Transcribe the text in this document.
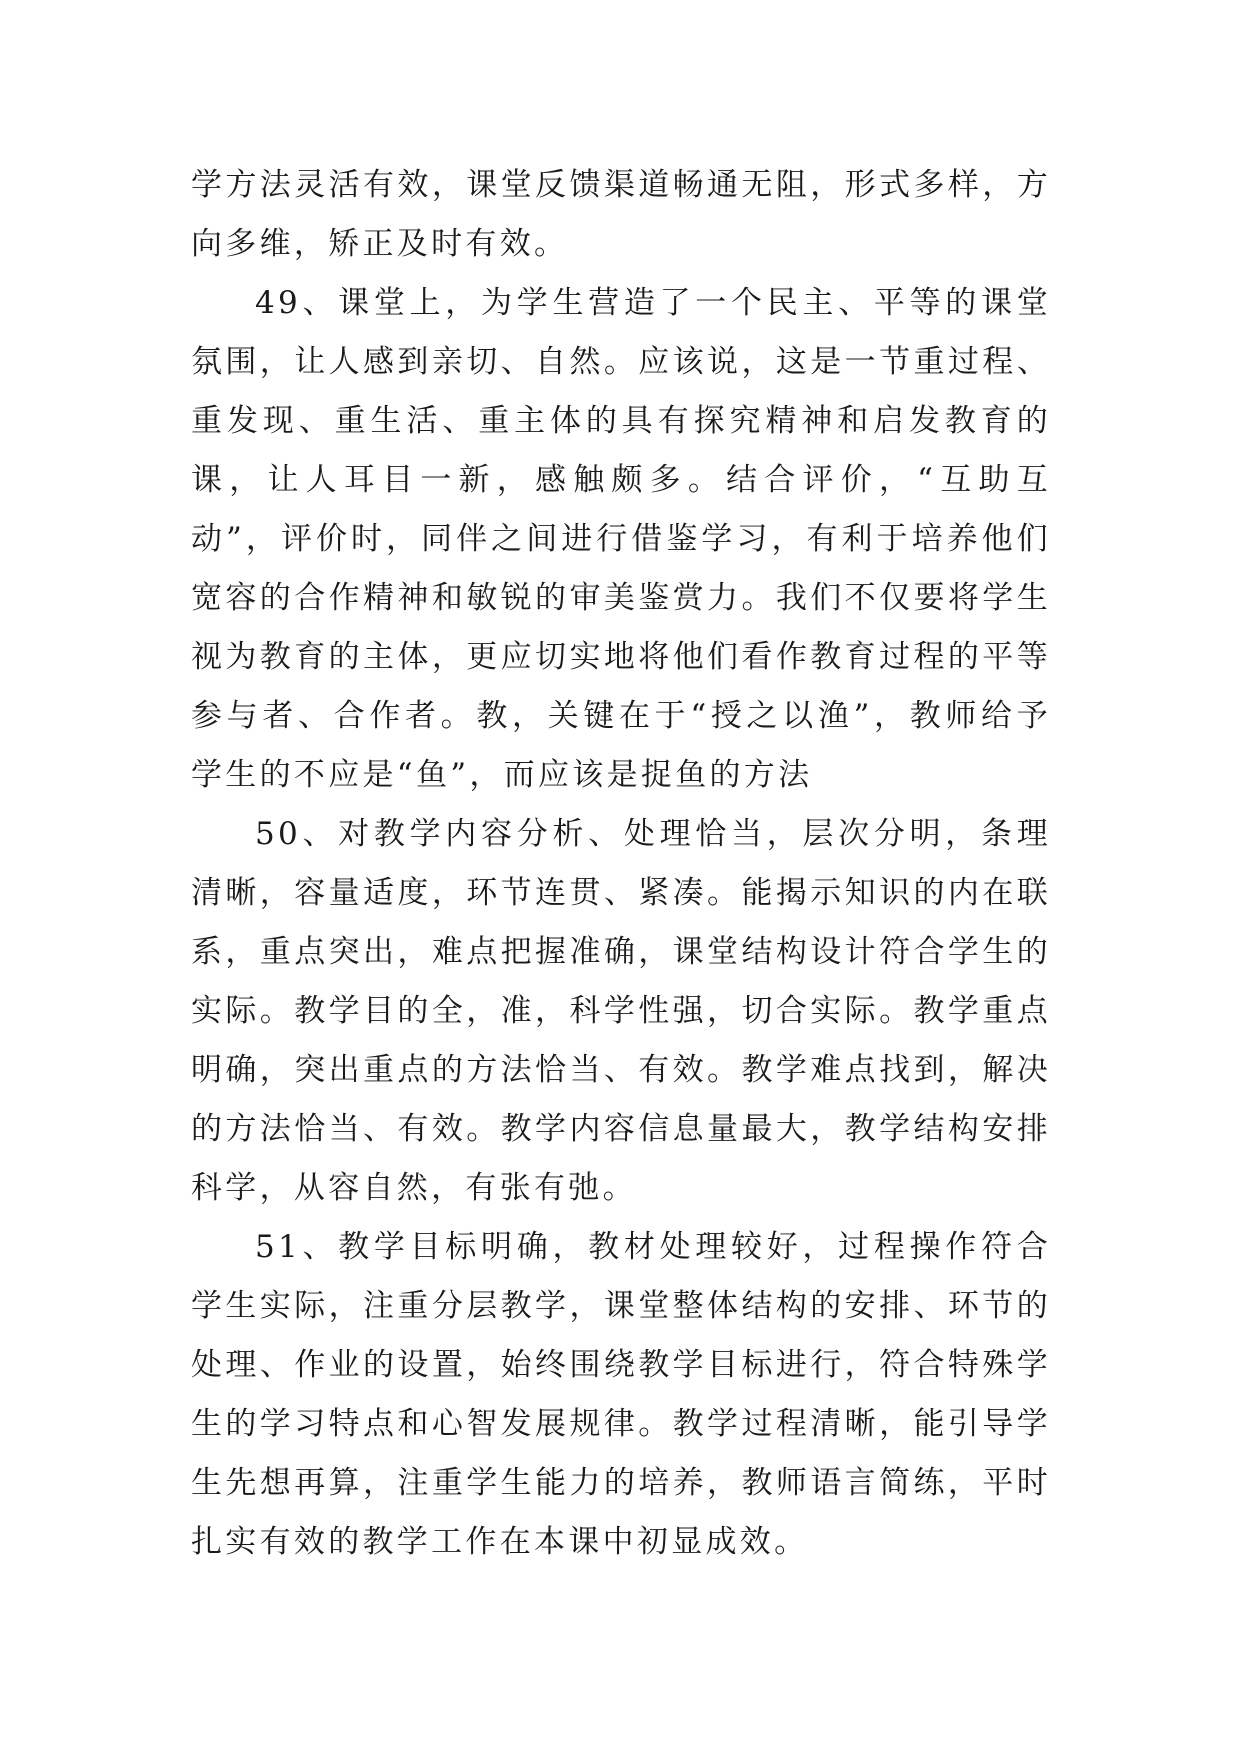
学方法灵活有效，课堂反馈渠道畅通无阻，形式多样，方向多维，矫正及时有效。

49、课堂上，为学生营造了一个民主、平等的课堂氛围，让人感到亲切、自然。应该说，这是一节重过程、重发现、重生活、重主体的具有探究精神和启发教育的课，让人耳目一新，感触颇多。结合评价，“互助互动”，评价时，同伴之间进行借鉴学习，有利于培养他们宽容的合作精神和敏锐的审美鉴赏力。我们不仅要将学生视为教育的主体，更应切实地将他们看作教育过程的平等参与者、合作者。教，关键在于“授之以渔”，教师给予学生的不应是“鱼”，而应该是捉鱼的方法

50、对教学内容分析、处理恰当，层次分明，条理清晰，容量适度，环节连贯、紧凑。能揭示知识的内在联系，重点突出，难点把握准确，课堂结构设计符合学生的实际。教学目的全，准，科学性强，切合实际。教学重点明确，突出重点的方法恰当、有效。教学难点找到，解决的方法恰当、有效。教学内容信息量最大，教学结构安排科学，从容自然，有张有弛。

51、教学目标明确，教材处理较好，过程操作符合学生实际，注重分层教学，课堂整体结构的安排、环节的处理、作业的设置，始终围绕教学目标进行，符合特殊学生的学习特点和心智发展规律。教学过程清晰，能引导学生先想再算，注重学生能力的培养，教师语言简练，平时扎实有效的教学工作在本课中初显成效。
